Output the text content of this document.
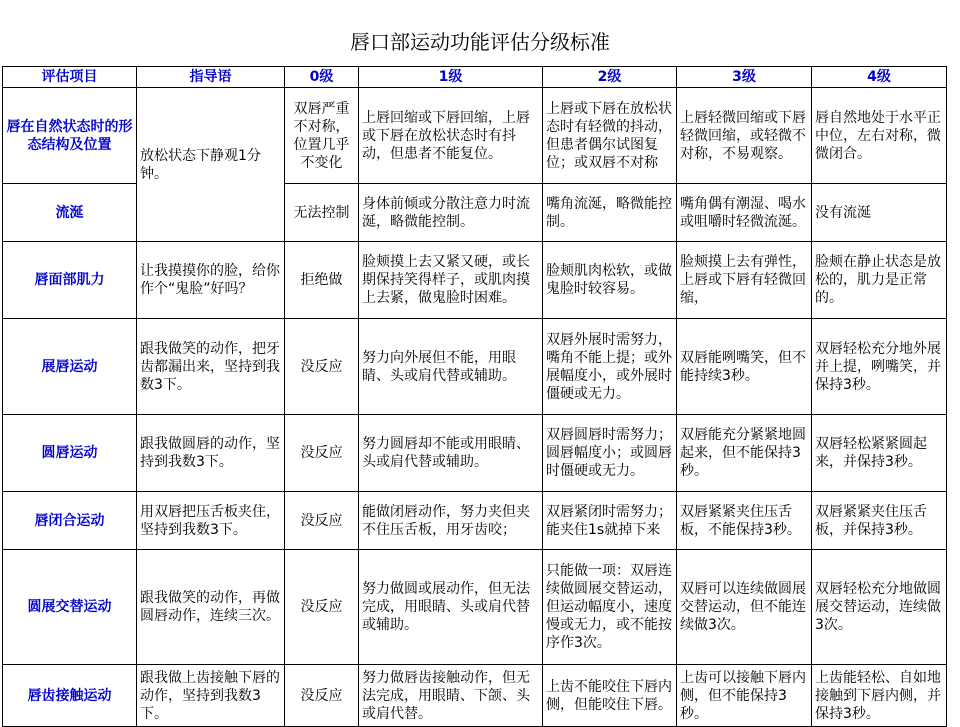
唇口部运动功能评估分级标准
评估项目	指导语	0级	1级	2级	3级	4级
唇在自然状态时的形态结构及位置	放松状态下静观1分钟。	双唇严重不对称，位置几乎不变化	上唇回缩或下唇回缩，上唇或下唇在放松状态时有抖动，但患者不能复位。	上唇或下唇在放松状态时有轻微的抖动，但患者偶尔试图复位；或双唇不对称	上唇轻微回缩或下唇轻微回缩，或轻微不对称，不易观察。	唇自然地处于水平正中位，左右对称，微微闭合。
流涎		无法控制	身体前倾或分散注意力时流涎，略微能控制。	嘴角流涎，略微能控制。	嘴角偶有潮湿、喝水或咀嚼时轻微流涎。	没有流涎
唇面部肌力	让我摸摸你的脸，给你作个“鬼脸”好吗？	拒绝做	脸颊摸上去又紧又硬，或长期保持笑得样子，或肌肉摸上去紧，做鬼脸时困难。	脸颊肌肉松软，或做鬼脸时较容易。	脸颊摸上去有弹性，上唇或下唇有轻微回缩，	脸颊在静止状态是放松的，肌力是正常的。
展唇运动	跟我做笑的动作，把牙齿都漏出来，坚持到我数3下。	没反应	努力向外展但不能，用眼睛、头或肩代替或辅助。	双唇外展时需努力，嘴角不能上提；或外展幅度小，或外展时僵硬或无力。	双唇能咧嘴笑，但不能持续3秒。	双唇轻松充分地外展并上提，咧嘴笑，并保持3秒。
圆唇运动	跟我做圆唇的动作，坚持到我数3下。	没反应	努力圆唇却不能或用眼睛、头或肩代替或辅助。	双唇圆唇时需努力；圆唇幅度小；或圆唇时僵硬或无力。	双唇能充分紧紧地圆起来，但不能保持3秒。	双唇轻松紧紧圆起来，并保持3秒。
唇闭合运动	用双唇把压舌板夹住，坚持到我数3下。	没反应	能做闭唇动作，努力夹但夹不住压舌板，用牙齿咬；	双唇紧闭时需努力；能夹住1s就掉下来	双唇紧紧夹住压舌板，不能保持3秒。	双唇紧紧夹住压舌板，并保持3秒。
圆展交替运动	跟我做笑的动作，再做圆唇动作，连续三次。	没反应	努力做圆或展动作，但无法完成，用眼睛、头或肩代替或辅助。	只能做一项：双唇连续做圆展交替运动，但运动幅度小，速度慢或无力，或不能按序作3次。	双唇可以连续做圆展交替运动，但不能连续做3次。	双唇轻松充分地做圆展交替运动，连续做3次。
唇齿接触运动	跟我做上齿接触下唇的动作，坚持到我数3下。	没反应	努力做唇齿接触动作，但无法完成，用眼睛、下颌、头或肩代替。	上齿不能咬住下唇内侧，但能咬住下唇。	上齿可以接触下唇内侧，但不能保持3秒。	上齿能轻松、自如地接触到下唇内侧，并保持3秒。
